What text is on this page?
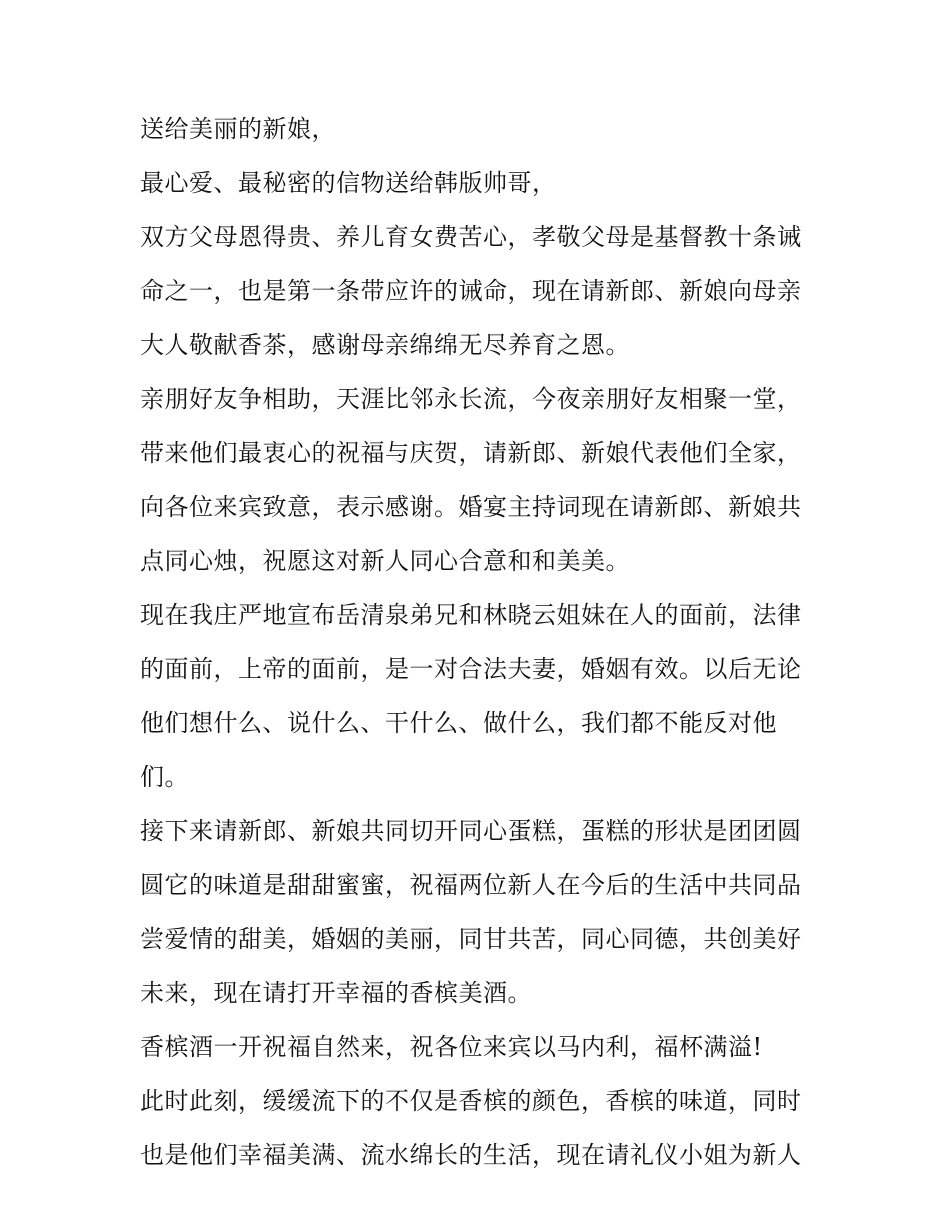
送给美丽的新娘，
最心爱、最秘密的信物送给韩版帅哥，
双方父母恩得贵、养儿育女费苦心，孝敬父母是基督教十条诫
命之一，也是第一条带应许的诫命，现在请新郎、新娘向母亲
大人敬献香茶，感谢母亲绵绵无尽养育之恩。
亲朋好友争相助，天涯比邻永长流，今夜亲朋好友相聚一堂，
带来他们最衷心的祝福与庆贺，请新郎、新娘代表他们全家，
向各位来宾致意，表示感谢。婚宴主持词现在请新郎、新娘共
点同心烛，祝愿这对新人同心合意和和美美。
现在我庄严地宣布岳清泉弟兄和林晓云姐妹在人的面前，法律
的面前，上帝的面前，是一对合法夫妻，婚姻有效。以后无论
他们想什么、说什么、干什么、做什么，我们都不能反对他
们。
接下来请新郎、新娘共同切开同心蛋糕，蛋糕的形状是团团圆
圆它的味道是甜甜蜜蜜，祝福两位新人在今后的生活中共同品
尝爱情的甜美，婚姻的美丽，同甘共苦，同心同德，共创美好
未来，现在请打开幸福的香槟美酒。
香槟酒一开祝福自然来，祝各位来宾以马内利，福杯满溢!
此时此刻，缓缓流下的不仅是香槟的颜色，香槟的味道，同时
也是他们幸福美满、流水绵长的生活，现在请礼仪小姐为新人
